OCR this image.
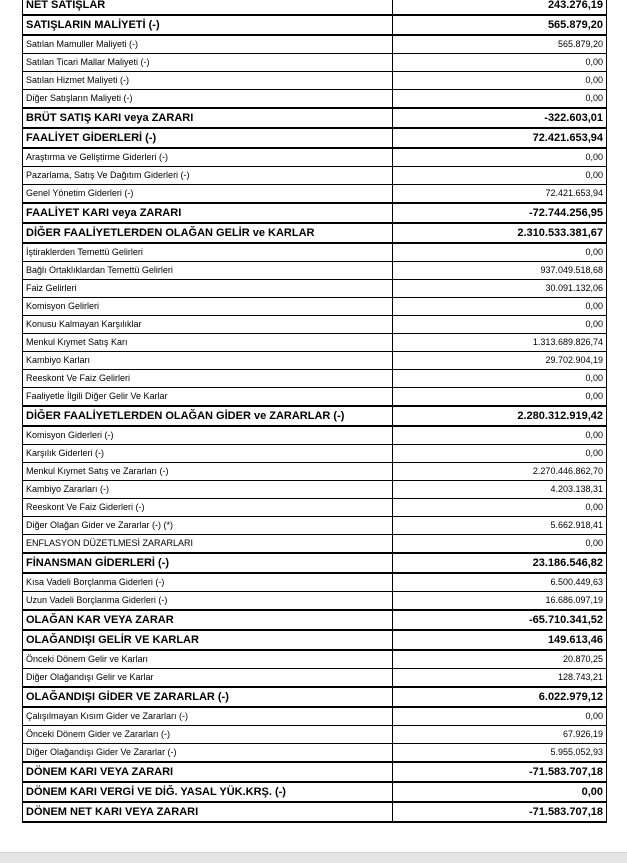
NET SATIŞLAR	243.276,19
SATIŞLARIN MALİYETİ (-)	565.879,20
Satılan Mamuller Maliyeti (-)	565.879,20
Satılan Ticari Mallar Maliyeti (-)	0,00
Satılan Hizmet Maliyeti (-)	0,00
Diğer Satışların Maliyeti (-)	0,00
BRÜT SATIŞ KARI veya ZARARI	-322.603,01
FAALİYET GİDERLERİ (-)	72.421.653,94
Araştırma ve Geliştirme Giderleri (-)	0,00
Pazarlama, Satış Ve Dağıtım Giderleri (-)	0,00
Genel Yönetim Giderleri (-)	72.421.653,94
FAALİYET KARI veya ZARARI	-72.744.256,95
DİĞER FAALİYETLERDEN OLAĞAN GELİR ve KARLAR	2.310.533.381,67
İştiraklerden Temettü Gelirleri	0,00
Bağlı Ortaklıklardan Temettü Gelirleri	937.049.518,68
Faiz Gelirleri	30.091.132,06
Komisyon Gelirleri	0,00
Konusu Kalmayan Karşılıklar	0,00
Menkul Kıymet Satış Karı	1.313.689.826,74
Kambiyo Karları	29.702.904,19
Reeskont Ve Faiz Gelirleri	0,00
Faaliyetle İlgili Diğer Gelir Ve Karlar	0,00
DİĞER FAALİYETLERDEN OLAĞAN GİDER ve ZARARLAR (-)	2.280.312.919,42
Komisyon Giderleri (-)	0,00
Karşılık Giderleri (-)	0,00
Menkul Kıymet Satış ve Zararları (-)	2.270.446.862,70
Kambiyo Zararları (-)	4.203.138,31
Reeskont Ve Faiz Giderleri (-)	0,00
Diğer Olağan Gider ve Zararlar (-) (*)	5.662.918,41
ENFLASYON DÜZETLMESİ ZARARLARI	0,00
FİNANSMAN GİDERLERİ (-)	23.186.546,82
Kısa Vadeli Borçlanma Giderleri (-)	6.500.449,63
Uzun Vadeli Borçlanma Giderleri (-)	16.686.097,19
OLAĞAN KAR VEYA ZARAR	-65.710.341,52
OLAĞANDIŞI GELİR VE KARLAR	149.613,46
Önceki Dönem Gelir ve Karları	20.870,25
Diğer Olağandışı Gelir ve Karlar	128.743,21
OLAĞANDIŞI GİDER VE ZARARLAR (-)	6.022.979,12
Çalışılmayan Kısım Gider ve Zararları (-)	0,00
Önceki Dönem Gider ve Zararları (-)	67.926,19
Diğer Olağandışı Gider Ve Zararlar (-)	5.955.052,93
DÖNEM KARI VEYA ZARARI	-71.583.707,18
DÖNEM KARI VERGİ VE DİĞ. YASAL YÜK.KRŞ. (-)	0,00
DÖNEM NET KARI VEYA ZARARI	-71.583.707,18
